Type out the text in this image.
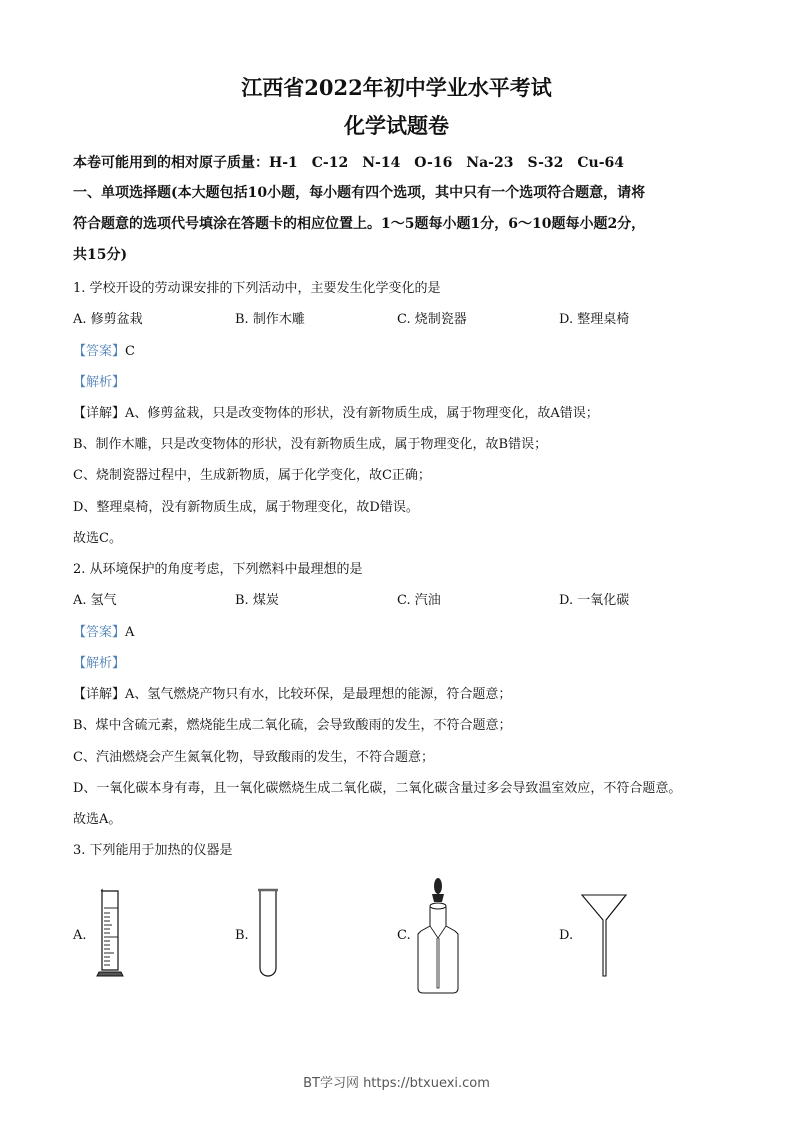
江西省2022年初中学业水平考试
化学试题卷
本卷可能用到的相对原子质量：H-1　C-12　N-14　O-16　Na-23　S-32　Cu-64
一、单项选择题(本大题包括10小题，每小题有四个选项，其中只有一个选项符合题意，请将
符合题意的选项代号填涂在答题卡的相应位置上。1～5题每小题1分，6～10题每小题2分，
共15分)
1. 学校开设的劳动课安排的下列活动中，主要发生化学变化的是
A. 修剪盆栽	B. 制作木雕	C. 烧制瓷器	D. 整理桌椅
【答案】C
【解析】
【详解】A、修剪盆栽，只是改变物体的形状，没有新物质生成，属于物理变化，故A错误；
B、制作木雕，只是改变物体的形状，没有新物质生成，属于物理变化，故B错误；
C、烧制瓷器过程中，生成新物质，属于化学变化，故C正确；
D、整理桌椅，没有新物质生成，属于物理变化，故D错误。
故选C。
2. 从环境保护的角度考虑，下列燃料中最理想的是
A. 氢气	B. 煤炭	C. 汽油	D. 一氧化碳
【答案】A
【解析】
【详解】A、氢气燃烧产物只有水，比较环保，是最理想的能源，符合题意；
B、煤中含硫元素，燃烧能生成二氧化硫，会导致酸雨的发生，不符合题意；
C、汽油燃烧会产生氮氧化物，导致酸雨的发生，不符合题意；
D、一氧化碳本身有毒，且一氧化碳燃烧生成二氧化碳，二氧化碳含量过多会导致温室效应，不符合题意。
故选A。
3. 下列能用于加热的仪器是
A.	B.	C.	D.
BT学习网 https://btxuexi.com
